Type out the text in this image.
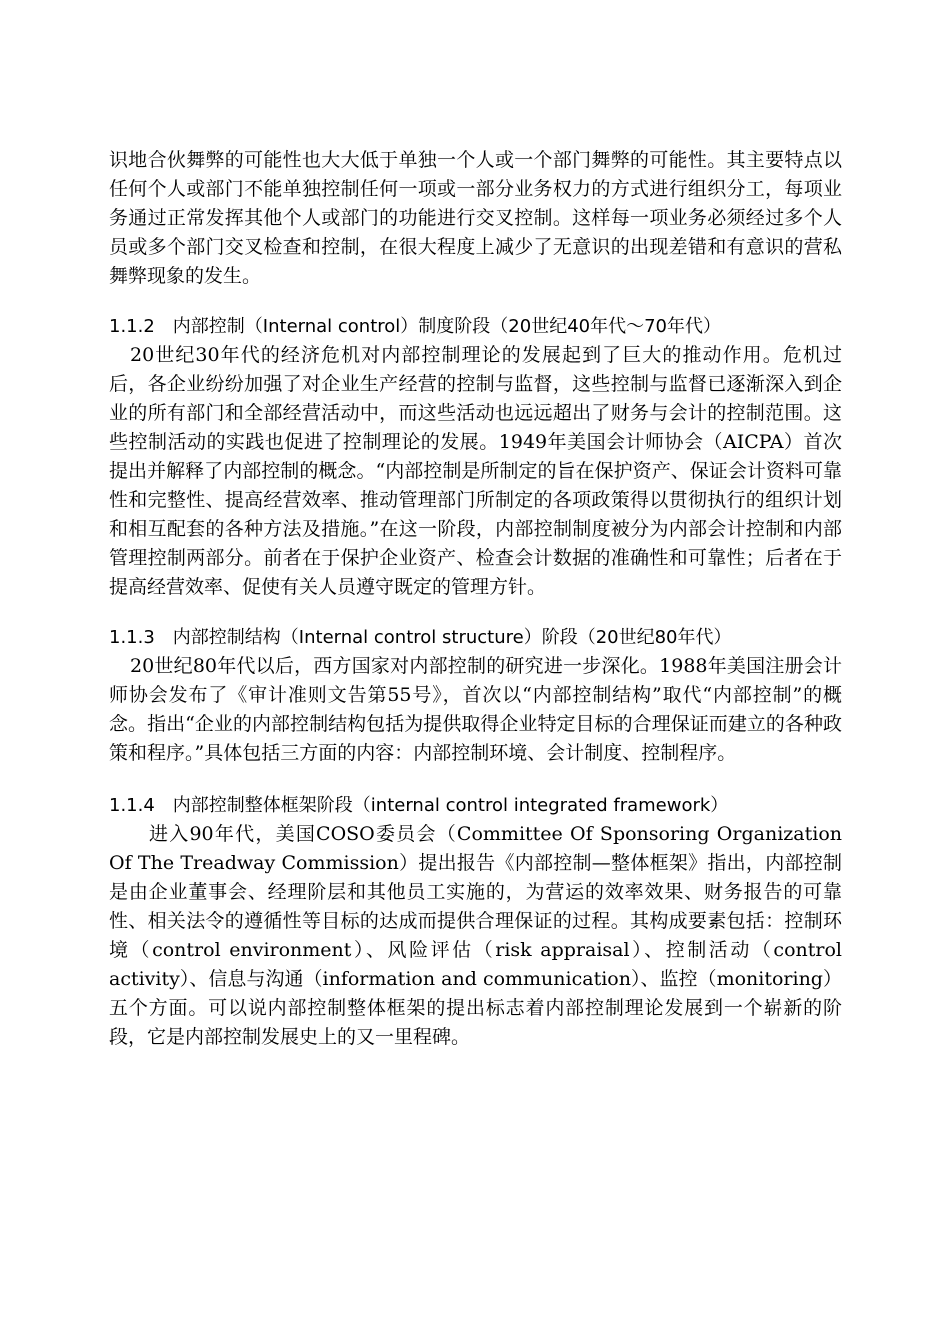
识地合伙舞弊的可能性也大大低于单独一个人或一个部门舞弊的可能性。其主要特点以任何个人或部门不能单独控制任何一项或一部分业务权力的方式进行组织分工，每项业务通过正常发挥其他个人或部门的功能进行交叉控制。这样每一项业务必须经过多个人员或多个部门交叉检查和控制，在很大程度上减少了无意识的出现差错和有意识的营私舞弊现象的发生。

1.1.2　内部控制（Internal control）制度阶段（20世纪40年代～70年代）

20世纪30年代的经济危机对内部控制理论的发展起到了巨大的推动作用。危机过后，各企业纷纷加强了对企业生产经营的控制与监督，这些控制与监督已逐渐深入到企业的所有部门和全部经营活动中，而这些活动也远远超出了财务与会计的控制范围。这些控制活动的实践也促进了控制理论的发展。1949年美国会计师协会（AICPA）首次提出并解释了内部控制的概念。“内部控制是所制定的旨在保护资产、保证会计资料可靠性和完整性、提高经营效率、推动管理部门所制定的各项政策得以贯彻执行的组织计划和相互配套的各种方法及措施。”在这一阶段，内部控制制度被分为内部会计控制和内部管理控制两部分。前者在于保护企业资产、检查会计数据的准确性和可靠性；后者在于提高经营效率、促使有关人员遵守既定的管理方针。

1.1.3　内部控制结构（Internal control structure）阶段（20世纪80年代）

20世纪80年代以后，西方国家对内部控制的研究进一步深化。1988年美国注册会计师协会发布了《审计准则文告第55号》，首次以“内部控制结构”取代“内部控制”的概念。指出“企业的内部控制结构包括为提供取得企业特定目标的合理保证而建立的各种政策和程序。”具体包括三方面的内容：内部控制环境、会计制度、控制程序。

1.1.4　内部控制整体框架阶段（internal control integrated framework）

进入90年代，美国COSO委员会（Committee Of Sponsoring Organization Of The Treadway Commission）提出报告《内部控制—整体框架》指出，内部控制是由企业董事会、经理阶层和其他员工实施的，为营运的效率效果、财务报告的可靠性、相关法令的遵循性等目标的达成而提供合理保证的过程。其构成要素包括：控制环境（control environment）、风险评估（risk appraisal）、控制活动（control activity）、信息与沟通（information and communication）、监控（monitoring）五个方面。可以说内部控制整体框架的提出标志着内部控制理论发展到一个崭新的阶段，它是内部控制发展史上的又一里程碑。
